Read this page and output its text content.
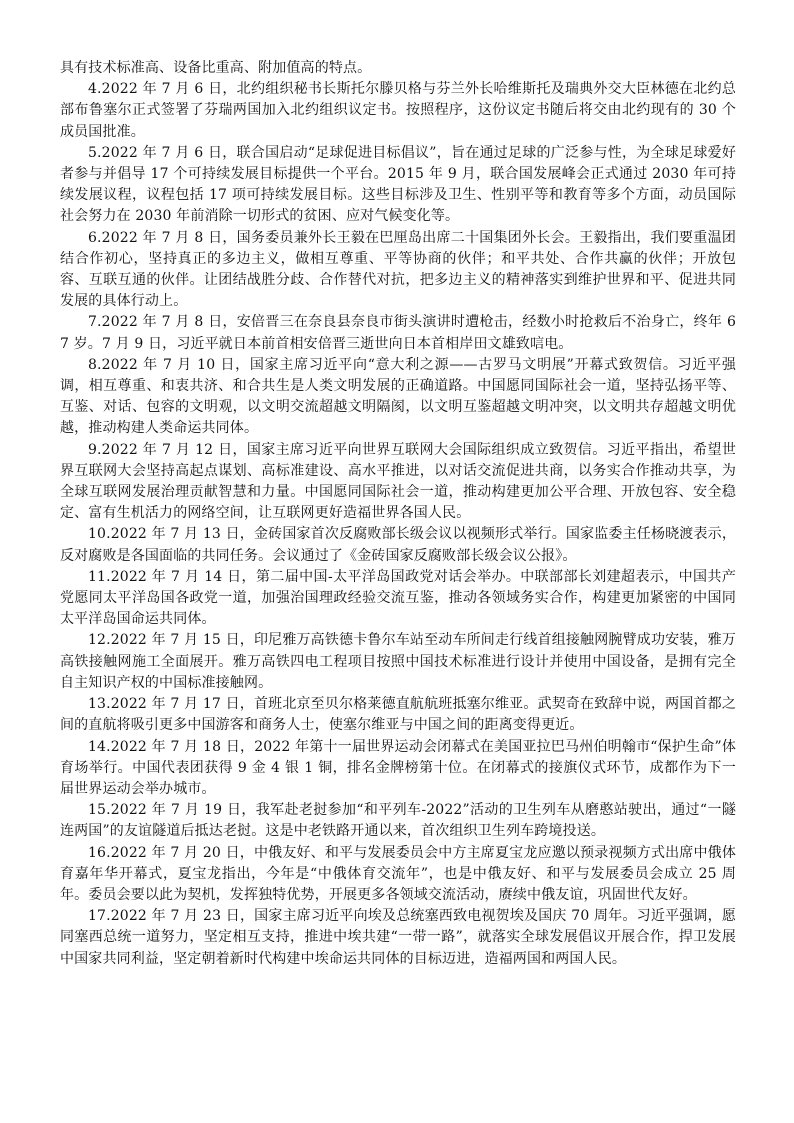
具有技术标准高、设备比重高、附加值高的特点。

4.2022 年 7 月 6 日，北约组织秘书长斯托尔滕贝格与芬兰外长哈维斯托及瑞典外交大臣林德在北约总部布鲁塞尔正式签署了芬瑞两国加入北约组织议定书。按照程序，这份议定书随后将交由北约现有的 30 个成员国批准。

5.2022 年 7 月 6 日，联合国启动“足球促进目标倡议”，旨在通过足球的广泛参与性，为全球足球爱好者参与并倡导 17 个可持续发展目标提供一个平台。2015 年 9 月，联合国发展峰会正式通过 2030 年可持续发展议程，议程包括 17 项可持续发展目标。这些目标涉及卫生、性别平等和教育等多个方面，动员国际社会努力在 2030 年前消除一切形式的贫困、应对气候变化等。

6.2022 年 7 月 8 日，国务委员兼外长王毅在巴厘岛出席二十国集团外长会。王毅指出，我们要重温团结合作初心，坚持真正的多边主义，做相互尊重、平等协商的伙伴；和平共处、合作共赢的伙伴；开放包容、互联互通的伙伴。让团结战胜分歧、合作替代对抗，把多边主义的精神落实到维护世界和平、促进共同发展的具体行动上。

7.2022 年 7 月 8 日，安倍晋三在奈良县奈良市街头演讲时遭枪击，经数小时抢救后不治身亡，终年 67 岁。7 月 9 日，习近平就日本前首相安倍晋三逝世向日本首相岸田文雄致唁电。

8.2022 年 7 月 10 日，国家主席习近平向“意大利之源——古罗马文明展”开幕式致贺信。习近平强调，相互尊重、和衷共济、和合共生是人类文明发展的正确道路。中国愿同国际社会一道，坚持弘扬平等、互鉴、对话、包容的文明观，以文明交流超越文明隔阂，以文明互鉴超越文明冲突，以文明共存超越文明优越，推动构建人类命运共同体。

9.2022 年 7 月 12 日，国家主席习近平向世界互联网大会国际组织成立致贺信。习近平指出，希望世界互联网大会坚持高起点谋划、高标准建设、高水平推进，以对话交流促进共商，以务实合作推动共享，为全球互联网发展治理贡献智慧和力量。中国愿同国际社会一道，推动构建更加公平合理、开放包容、安全稳定、富有生机活力的网络空间，让互联网更好造福世界各国人民。

10.2022 年 7 月 13 日，金砖国家首次反腐败部长级会议以视频形式举行。国家监委主任杨晓渡表示，反对腐败是各国面临的共同任务。会议通过了《金砖国家反腐败部长级会议公报》。

11.2022 年 7 月 14 日，第二届中国-太平洋岛国政党对话会举办。中联部部长刘建超表示，中国共产党愿同太平洋岛国各政党一道，加强治国理政经验交流互鉴，推动各领域务实合作，构建更加紧密的中国同太平洋岛国命运共同体。

12.2022 年 7 月 15 日，印尼雅万高铁德卡鲁尔车站至动车所间走行线首组接触网腕臂成功安装，雅万高铁接触网施工全面展开。雅万高铁四电工程项目按照中国技术标准进行设计并使用中国设备，是拥有完全自主知识产权的中国标准接触网。

13.2022 年 7 月 17 日，首班北京至贝尔格莱德直航航班抵塞尔维亚。武契奇在致辞中说，两国首都之间的直航将吸引更多中国游客和商务人士，使塞尔维亚与中国之间的距离变得更近。

14.2022 年 7 月 18 日，2022 年第十一届世界运动会闭幕式在美国亚拉巴马州伯明翰市“保护生命”体育场举行。中国代表团获得 9 金 4 银 1 铜，排名金牌榜第十位。在闭幕式的接旗仪式环节，成都作为下一届世界运动会举办城市。

15.2022 年 7 月 19 日，我军赴老挝参加“和平列车-2022”活动的卫生列车从磨憨站驶出，通过“一隧连两国”的友谊隧道后抵达老挝。这是中老铁路开通以来，首次组织卫生列车跨境投送。

16.2022 年 7 月 20 日，中俄友好、和平与发展委员会中方主席夏宝龙应邀以预录视频方式出席中俄体育嘉年华开幕式，夏宝龙指出，今年是“中俄体育交流年”，也是中俄友好、和平与发展委员会成立 25 周年。委员会要以此为契机，发挥独特优势，开展更多各领域交流活动，赓续中俄友谊，巩固世代友好。

17.2022 年 7 月 23 日，国家主席习近平向埃及总统塞西致电视贺埃及国庆 70 周年。习近平强调，愿同塞西总统一道努力，坚定相互支持，推进中埃共建“一带一路”，就落实全球发展倡议开展合作，捍卫发展中国家共同利益，坚定朝着新时代构建中埃命运共同体的目标迈进，造福两国和两国人民。
